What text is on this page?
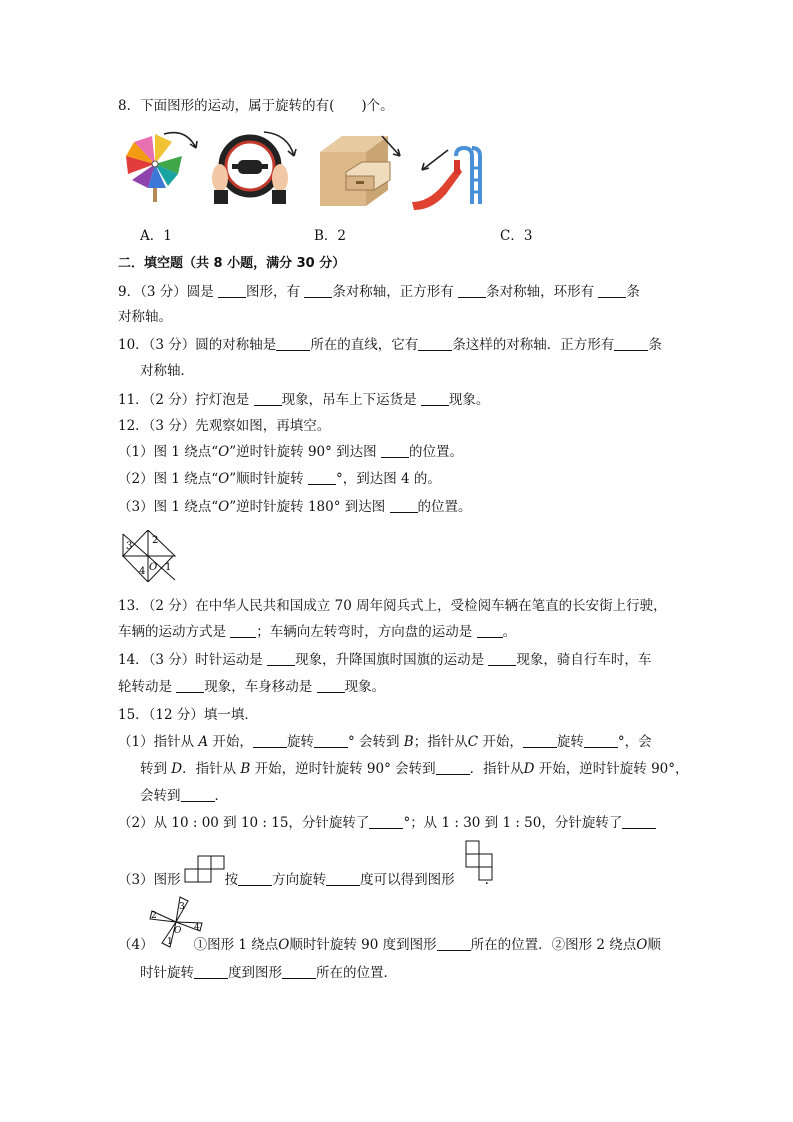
8．下面图形的运动，属于旋转的有(　　)个。
A．1	B．2	C．3
二．填空题（共 8 小题，满分 30 分）
9．（3 分）圆是 图形，有 条对称轴，正方形有 条对称轴，环形有 条
对称轴。
10．（3 分）圆的对称轴是	所在的直线，它有	条这样的对称轴．正方形有	条
对称轴．
11．（2 分）拧灯泡是 现象，吊车上下运货是 现象。
12．（3 分）先观察如图，再填空。
（1）图 1 绕点“O”逆时针旋转 90° 到达图 的位置。
（2）图 1 绕点“O”顺时针旋转 °，到达图 4 的。
（3）图 1 绕点“O”逆时针旋转 180° 到达图 的位置。
1
2
3
4 O
13．（2 分）在中华人民共和国成立 70 周年阅兵式上，受检阅车辆在笔直的长安街上行驶，
车辆的运动方式是 ；车辆向左转弯时，方向盘的运动是 。
14．（3 分）时针运动是 现象，升降国旗时国旗的运动是 现象，骑自行车时，车
轮转动是 现象，车身移动是 现象。
15．（12 分）填一填．
（1）指针从 A 开始，	旋转	° 会转到 B；指针从C 开始，	旋转	°，会
转到 D．指针从 B 开始，逆时针旋转 90° 会转到	．指针从D 开始，逆时针旋转 90°，
会转到	．
（2）从 10 : 00 到 10 : 15，分针旋转了	°；从 1 : 30 到 1 : 50，分针旋转了
（3）图形	按	方向旋转	度可以得到图形
3
2
4
1
O
（4）	①图形 1 绕点O顺时针旋转 90 度到图形	所在的位置．②图形 2 绕点O顺
时针旋转	度到图形	所在的位置．
